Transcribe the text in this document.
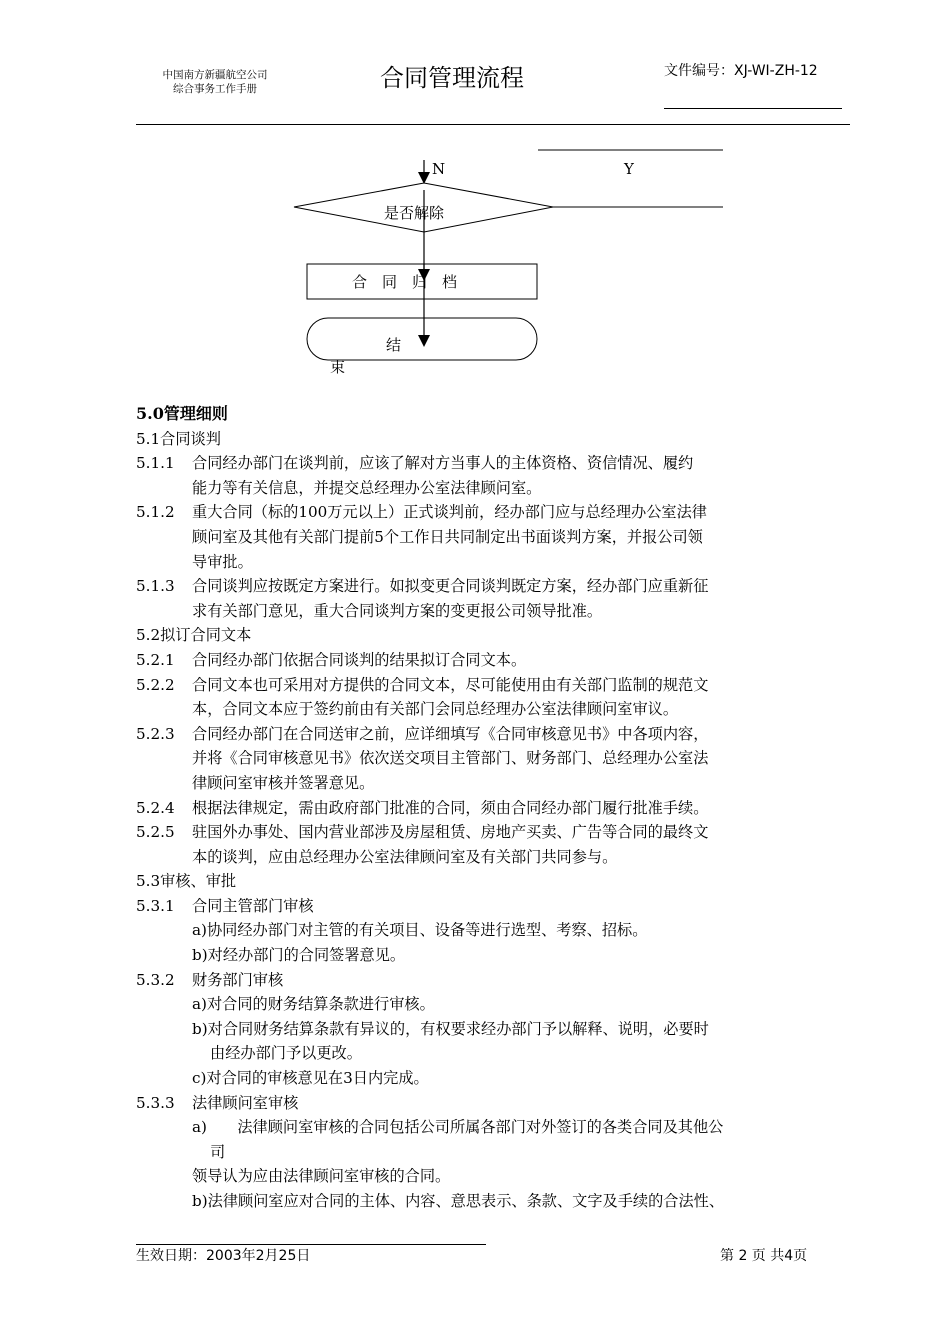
中国南方新疆航空公司
综合事务工作手册	合同管理流程	文件编号：XJ-WI-ZH-12
N	Y
是否解除
合　同　归　档
结
束

5.0管理细则

5.1合同谈判

5.1.1 合同经办部门在谈判前，应该了解对方当事人的主体资格、资信情况、履约

能力等有关信息，并提交总经理办公室法律顾问室。

5.1.2 重大合同（标的100万元以上）正式谈判前，经办部门应与总经理办公室法律

顾问室及其他有关部门提前5个工作日共同制定出书面谈判方案，并报公司领

导审批。

5.1.3 合同谈判应按既定方案进行。如拟变更合同谈判既定方案，经办部门应重新征

求有关部门意见，重大合同谈判方案的变更报公司领导批准。

5.2拟订合同文本

5.2.1 合同经办部门依据合同谈判的结果拟订合同文本。

5.2.2 合同文本也可采用对方提供的合同文本，尽可能使用由有关部门监制的规范文

本，合同文本应于签约前由有关部门会同总经理办公室法律顾问室审议。

5.2.3 合同经办部门在合同送审之前，应详细填写《合同审核意见书》中各项内容，

并将《合同审核意见书》依次送交项目主管部门、财务部门、总经理办公室法

律顾问室审核并签署意见。

5.2.4 根据法律规定，需由政府部门批准的合同，须由合同经办部门履行批准手续。

5.2.5 驻国外办事处、国内营业部涉及房屋租赁、房地产买卖、广告等合同的最终文

本的谈判，应由总经理办公室法律顾问室及有关部门共同参与。

5.3审核、审批

5.3.1 合同主管部门审核

a)协同经办部门对主管的有关项目、设备等进行选型、考察、招标。

b)对经办部门的合同签署意见。

5.3.2 财务部门审核

a)对合同的财务结算条款进行审核。

b)对合同财务结算条款有异议的，有权要求经办部门予以解释、说明，必要时

由经办部门予以更改。

c)对合同的审核意见在3日内完成。

5.3.3 法律顾问室审核

a)　　法律顾问室审核的合同包括公司所属各部门对外签订的各类合同及其他公

司

领导认为应由法律顾问室审核的合同。

b)法律顾问室应对合同的主体、内容、意思表示、条款、文字及手续的合法性、

生效日期：2003年2月25日	第 2 页 共4页
